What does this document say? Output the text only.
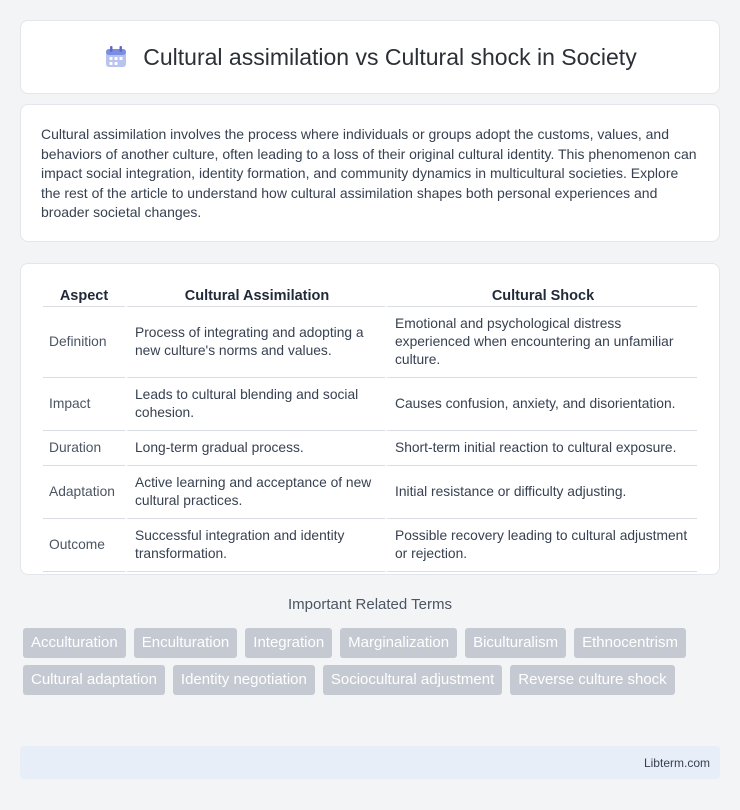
Cultural assimilation vs Cultural shock in Society

Cultural assimilation involves the process where individuals or groups adopt the customs, values, and behaviors of another culture, often leading to a loss of their original cultural identity. This phenomenon can impact social integration, identity formation, and community dynamics in multicultural societies. Explore the rest of the article to understand how cultural assimilation shapes both personal experiences and broader societal changes.

Aspect	Cultural Assimilation	Cultural Shock
Definition	Process of integrating and adopting a new culture's norms and values.	Emotional and psychological distress experienced when encountering an unfamiliar culture.
Impact	Leads to cultural blending and social cohesion.	Causes confusion, anxiety, and disorientation.
Duration	Long-term gradual process.	Short-term initial reaction to cultural exposure.
Adaptation	Active learning and acceptance of new cultural practices.	Initial resistance or difficulty adjusting.
Outcome	Successful integration and identity transformation.	Possible recovery leading to cultural adjustment or rejection.
Important Related Terms
Acculturation	Enculturation	Integration	Marginalization	Biculturalism	Ethnocentrism
Cultural adaptation	Identity negotiation	Sociocultural adjustment	Reverse culture shock
Libterm.com
